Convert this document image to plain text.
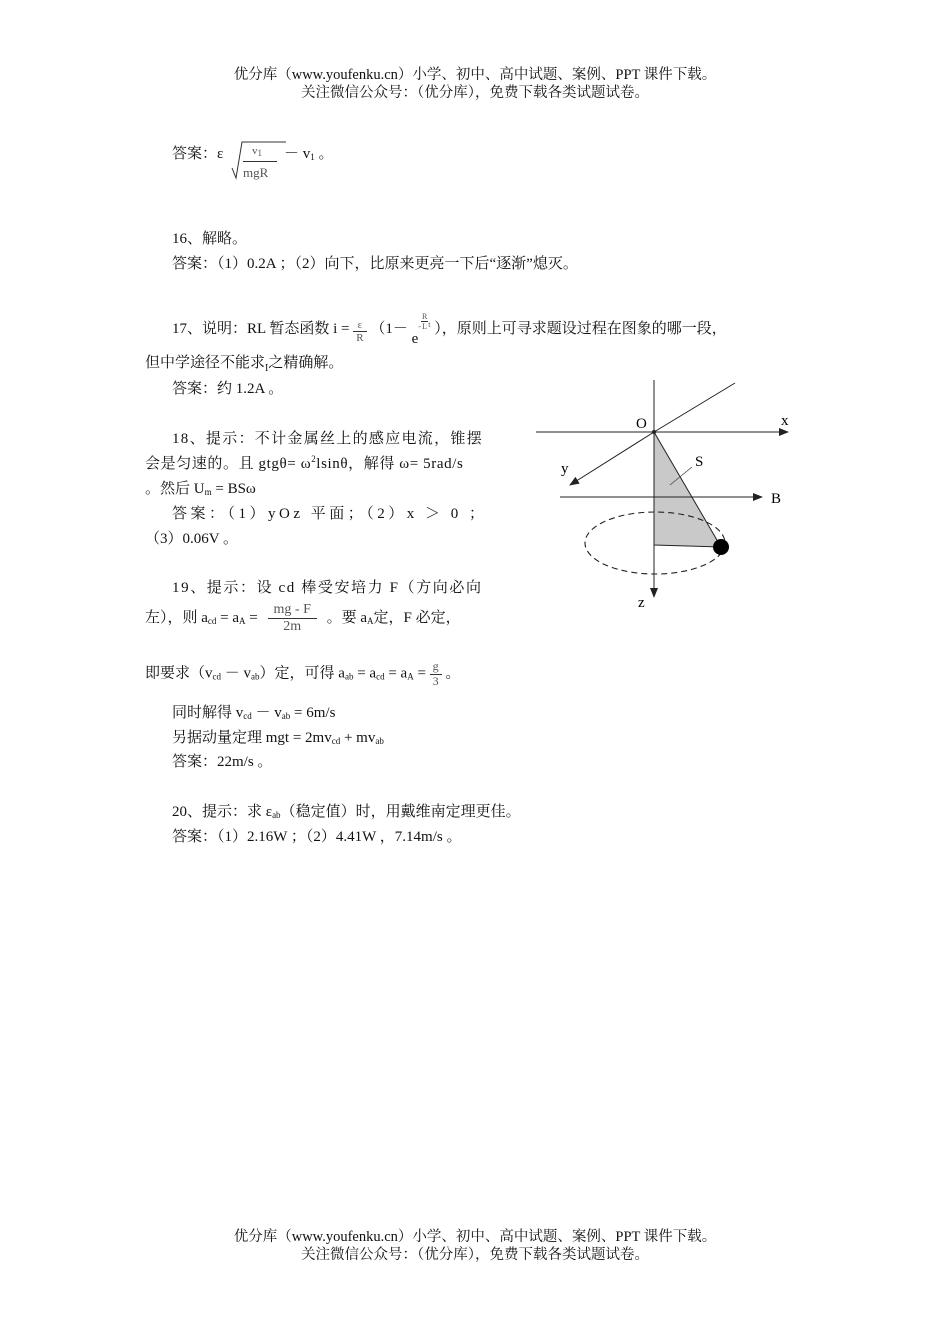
优分库（www.youfenku.cn）小学、初中、高中试题、案例、PPT 课件下载。
关注微信公众号：（优分库），免费下载各类试题试卷。
答案：ε	$v_1$
mgR
－ $v_1$ 。
16、解略。
答案：（1）0.2A ；（2）向下，比原来更亮一下后“逐渐”熄灭。
17、说明：RL 暂态函数 $i = \frac{\varepsilon}{R} (1- e^- \frac{R}{L} ^t$ ），原则上可寻求题设过程在图象的哪一段，
但中学途径不能求$_I$之精确解。
答案：约 1.2A 。
18、提示：不计金属丝上的感应电流，锥摆
会是匀速的。且 $gtg\theta= \omega^2lsin\theta$，解得 ω= 5rad/s
。然后 $U_m = BS\omega$
答案：（1）yOz 平面；（2）x ＞ 0 ；
（3）0.06V 。
19、提示：设 cd 棒受安培力 F（方向必向
左），则 $a_{cd} = a_A = \frac{mg - F}{2m}$ 。要 $a_A$定，F 必定，
即要求$(v_{cd} - v_{ab})$定，可得 $a_{ab} = a_{cd} = a_A = \frac{g}{3}$ 。
同时解得 $v_{cd} - v_{ab} = 6m/s$
另据动量定理 mgt = $2mv_{cd} + mv_{ab}$
答案：22m/s 。
20、提示：求 $\varepsilon_{ab}$（稳定值）时，用戴维南定理更佳。
答案：（1）2.16W ；（2）4.41W ，7.14m/s 。
O	x
y	S
B
z
优分库（www.youfenku.cn）小学、初中、高中试题、案例、PPT 课件下载。
关注微信公众号：（优分库），免费下载各类试题试卷。
